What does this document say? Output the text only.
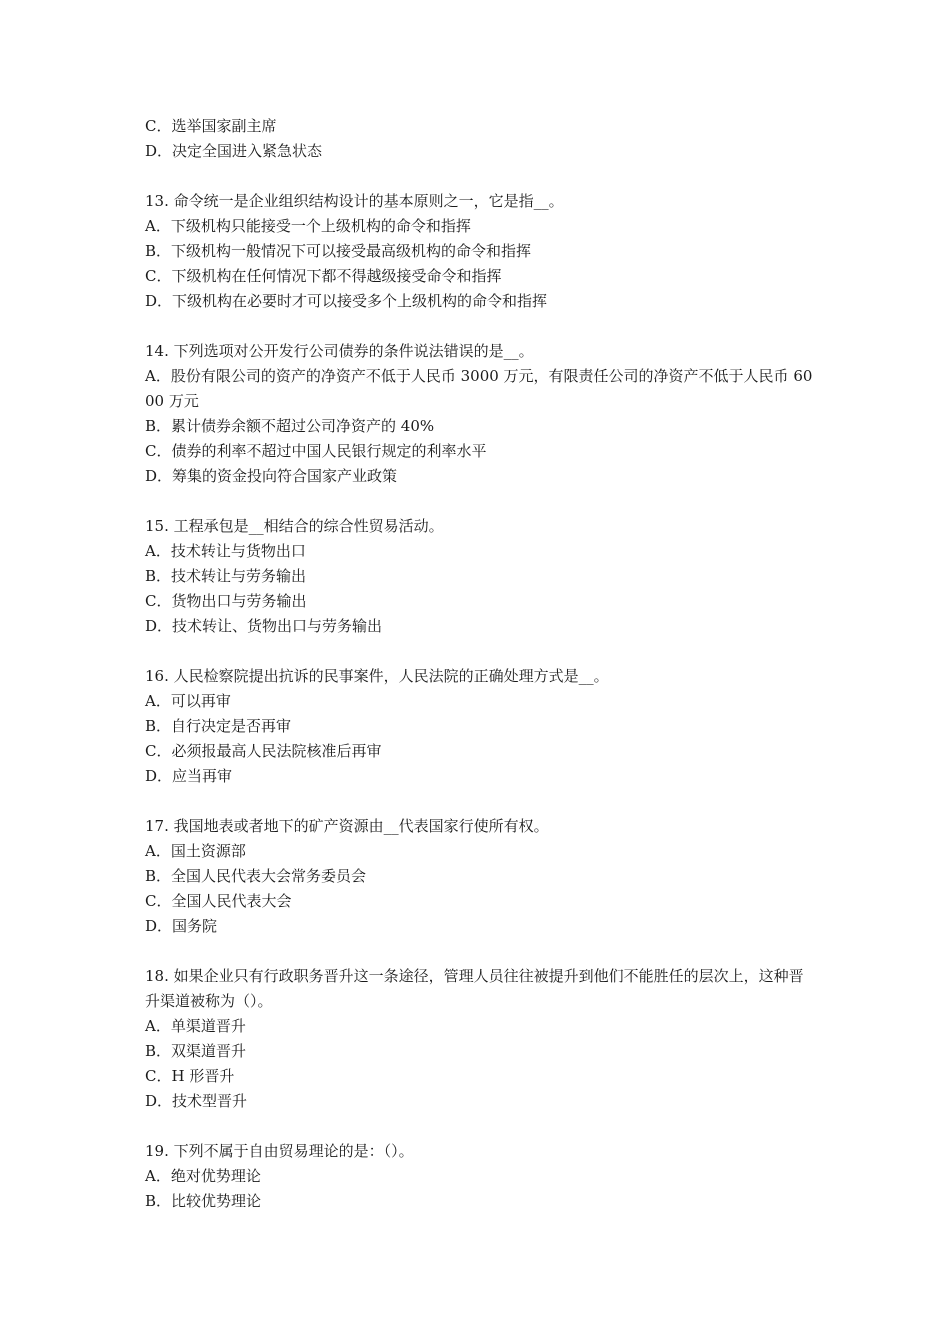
C．选举国家副主席
D．决定全国进入紧急状态
13. 命令统一是企业组织结构设计的基本原则之一，它是指__。
A．下级机构只能接受一个上级机构的命令和指挥
B．下级机构一般情况下可以接受最高级机构的命令和指挥
C．下级机构在任何情况下都不得越级接受命令和指挥
D．下级机构在必要时才可以接受多个上级机构的命令和指挥
14. 下列选项对公开发行公司债券的条件说法错误的是__。
A．股份有限公司的资产的净资产不低于人民币 3000 万元，有限责任公司的净资产不低于人民币 6000 万元
B．累计债券余额不超过公司净资产的 40%
C．债券的利率不超过中国人民银行规定的利率水平
D．筹集的资金投向符合国家产业政策
15. 工程承包是__相结合的综合性贸易活动。
A．技术转让与货物出口
B．技术转让与劳务输出
C．货物出口与劳务输出
D．技术转让、货物出口与劳务输出
16. 人民检察院提出抗诉的民事案件，人民法院的正确处理方式是__。
A．可以再审
B．自行决定是否再审
C．必须报最高人民法院核准后再审
D．应当再审
17. 我国地表或者地下的矿产资源由__代表国家行使所有权。
A．国土资源部
B．全国人民代表大会常务委员会
C．全国人民代表大会
D．国务院
18. 如果企业只有行政职务晋升这一条途径，管理人员往往被提升到他们不能胜任的层次上，这种晋升渠道被称为（）。
A．单渠道晋升
B．双渠道晋升
C．H 形晋升
D．技术型晋升
19. 下列不属于自由贸易理论的是：（）。
A．绝对优势理论
B．比较优势理论
